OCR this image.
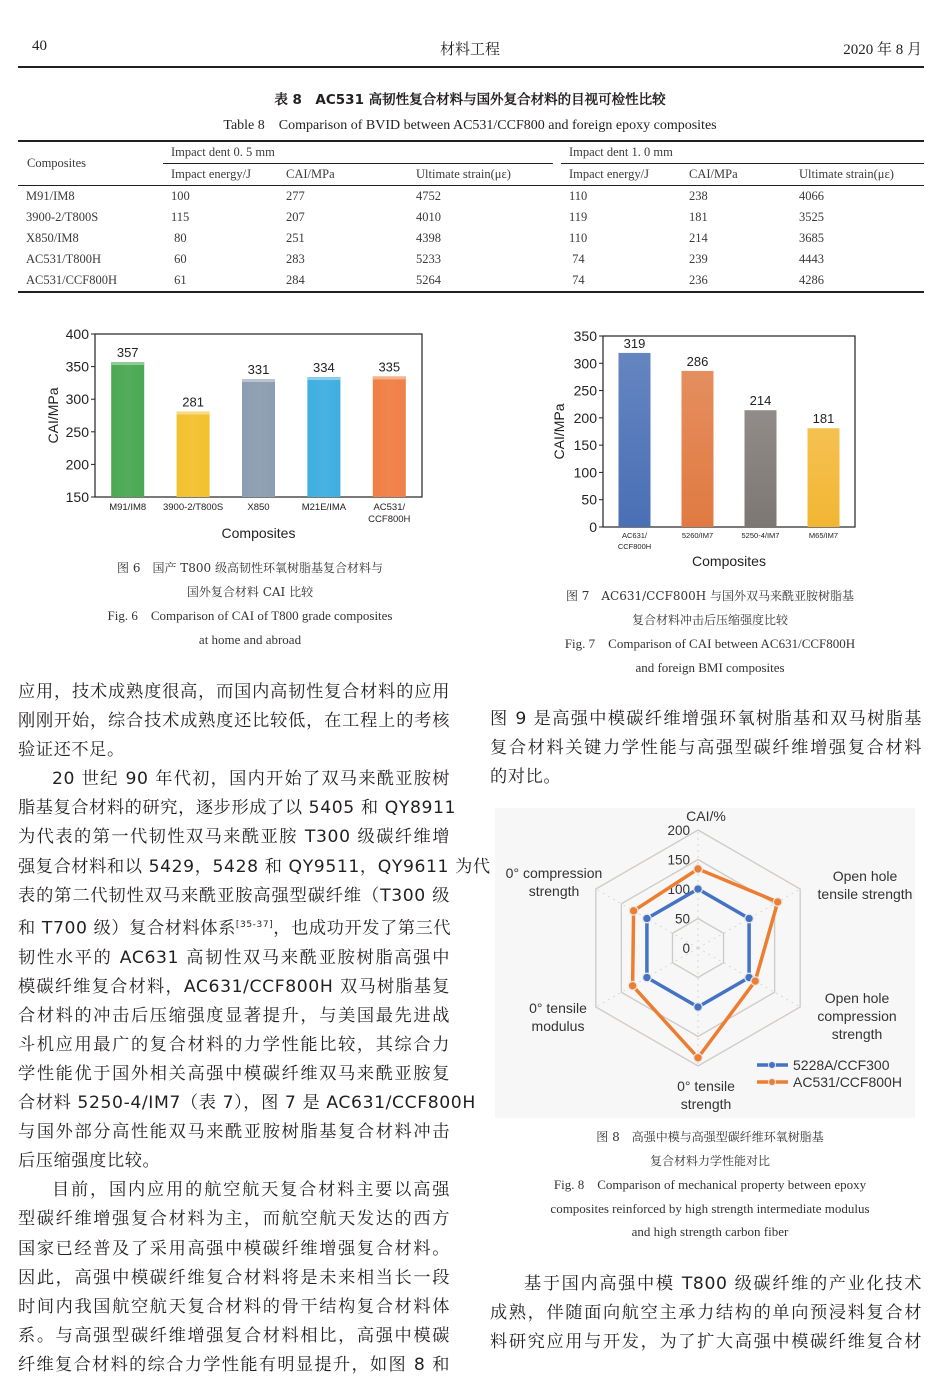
40	材料工程	2020 年 8 月
表 8　AC531 高韧性复合材料与国外复合材料的目视可检性比较
Table 8　Comparison of BVID between AC531/CCF800 and foreign epoxy composites
Composites	Impact dent 0. 5 mm				Impact dent 1. 0 mm		
	Impact energy/J	CAI/MPa	Ultimate strain(με)		Impact energy/J	CAI/MPa	Ultimate strain(με)
M91/IM8	100	277	4752		110	238	4066
3900-2/T800S	115	207	4010		119	181	3525
X850/IM8	80	251	4398		110	214	3685
AC531/T800H	60	283	5233		74	239	4443
AC531/CCF800H	61	284	5264		74	236	4286
150
200
250
300
350
400
CAI/MPa
Composites
357
M91/IM8
281
3900-2/T800S
331
X850
334
M21E/IMA
335
AC531/
CCF800H
图 6　国产 T800 级高韧性环氧树脂基复合材料与
国外复合材料 CAI 比较
Fig. 6　Comparison of CAI of T800 grade composites
at home and abroad
0
50
100
150
200
250
300
350
CAI/MPa
Composites
319
AC631/
CCF800H
286
5260/IM7
214
5250-4/IM7
181
M65/IM7
图 7　AC631/CCF800H 与国外双马来酰亚胺树脂基
复合材料冲击后压缩强度比较
Fig. 7　Comparison of CAI between AC631/CCF800H
and foreign BMI composites
0
50
100
150
200
CAI/%
Open hole
tensile strength
Open hole
compression
strength
0° tensile
strength
0° tensile
modulus
0° compression
strength
5228A/CCF300
AC531/CCF800H
图 8　高强中模与高强型碳纤维环氧树脂基
复合材料力学性能对比
Fig. 8　Comparison of mechanical property between epoxy
composites reinforced by high strength intermediate modulus
and high strength carbon fiber
应用，技术成熟度很高，而国内高韧性复合材料的应用
刚刚开始，综合技术成熟度还比较低，在工程上的考核
验证还不足。
20 世纪 90 年代初，国内开始了双马来酰亚胺树
脂基复合材料的研究，逐步形成了以 5405 和 QY8911
为代表的第一代韧性双马来酰亚胺 T300 级碳纤维增
强复合材料和以 5429，5428 和 QY9511，QY9611 为代
表的第二代韧性双马来酰亚胺高强型碳纤维（T300 级
和 T700 级）复合材料体系[35-37]，也成功开发了第三代
韧性水平的 AC631 高韧性双马来酰亚胺树脂高强中
模碳纤维复合材料，AC631/CCF800H 双马树脂基复
合材料的冲击后压缩强度显著提升，与美国最先进战
斗机应用最广的复合材料的力学性能比较，其综合力
学性能优于国外相关高强中模碳纤维双马来酰亚胺复
合材料 5250-4/IM7（表 7），图 7 是 AC631/CCF800H
与国外部分高性能双马来酰亚胺树脂基复合材料冲击
后压缩强度比较。
目前，国内应用的航空航天复合材料主要以高强
型碳纤维增强复合材料为主，而航空航天发达的西方
国家已经普及了采用高强中模碳纤维增强复合材料。
因此，高强中模碳纤维复合材料将是未来相当长一段
时间内我国航空航天复合材料的骨干结构复合材料体
系。与高强型碳纤维增强复合材料相比，高强中模碳
纤维复合材料的综合力学性能有明显提升，如图 8 和
图 9 是高强中模碳纤维增强环氧树脂基和双马树脂基
复合材料关键力学性能与高强型碳纤维增强复合材料
的对比。
基于国内高强中模 T800 级碳纤维的产业化技术
成熟，伴随面向航空主承力结构的单向预浸料复合材
料研究应用与开发，为了扩大高强中模碳纤维复合材
